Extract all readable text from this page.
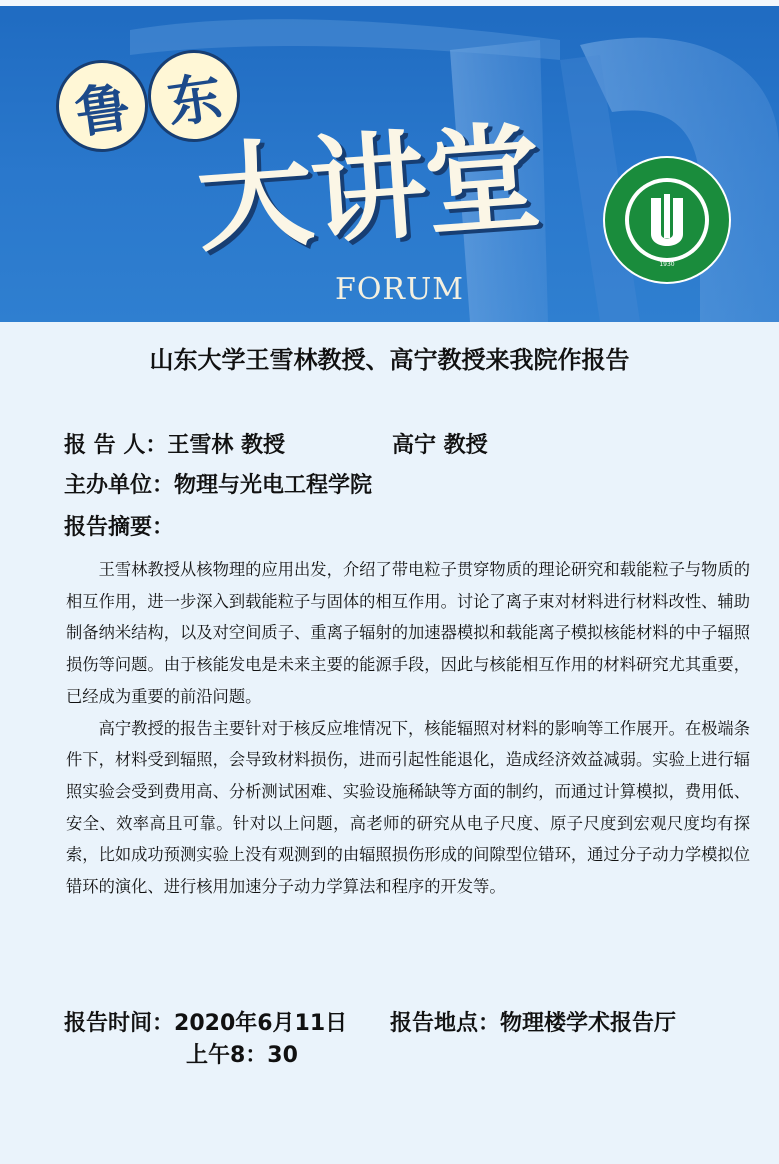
鲁 东
大讲堂
FORUM
1930
山东大学王雪林教授、高宁教授来我院作报告
报 告 人：王雪林 教授	高宁 教授
主办单位：物理与光电工程学院
报告摘要：

王雪林教授从核物理的应用出发，介绍了带电粒子贯穿物质的理论研究和载能粒子与物质的相互作用，进一步深入到载能粒子与固体的相互作用。讨论了离子束对材料进行材料改性、辅助制备纳米结构，以及对空间质子、重离子辐射的加速器模拟和载能离子模拟核能材料的中子辐照损伤等问题。由于核能发电是未来主要的能源手段，因此与核能相互作用的材料研究尤其重要，已经成为重要的前沿问题。

高宁教授的报告主要针对于核反应堆情况下，核能辐照对材料的影响等工作展开。在极端条件下，材料受到辐照，会导致材料损伤，进而引起性能退化，造成经济效益减弱。实验上进行辐照实验会受到费用高、分析测试困难、实验设施稀缺等方面的制约，而通过计算模拟，费用低、安全、效率高且可靠。针对以上问题，高老师的研究从电子尺度、原子尺度到宏观尺度均有探索，比如成功预测实验上没有观测到的由辐照损伤形成的间隙型位错环，通过分子动力学模拟位错环的演化、进行核用加速分子动力学算法和程序的开发等。

报告时间：2020年6月11日
上午8：30
报告地点：物理楼学术报告厅
